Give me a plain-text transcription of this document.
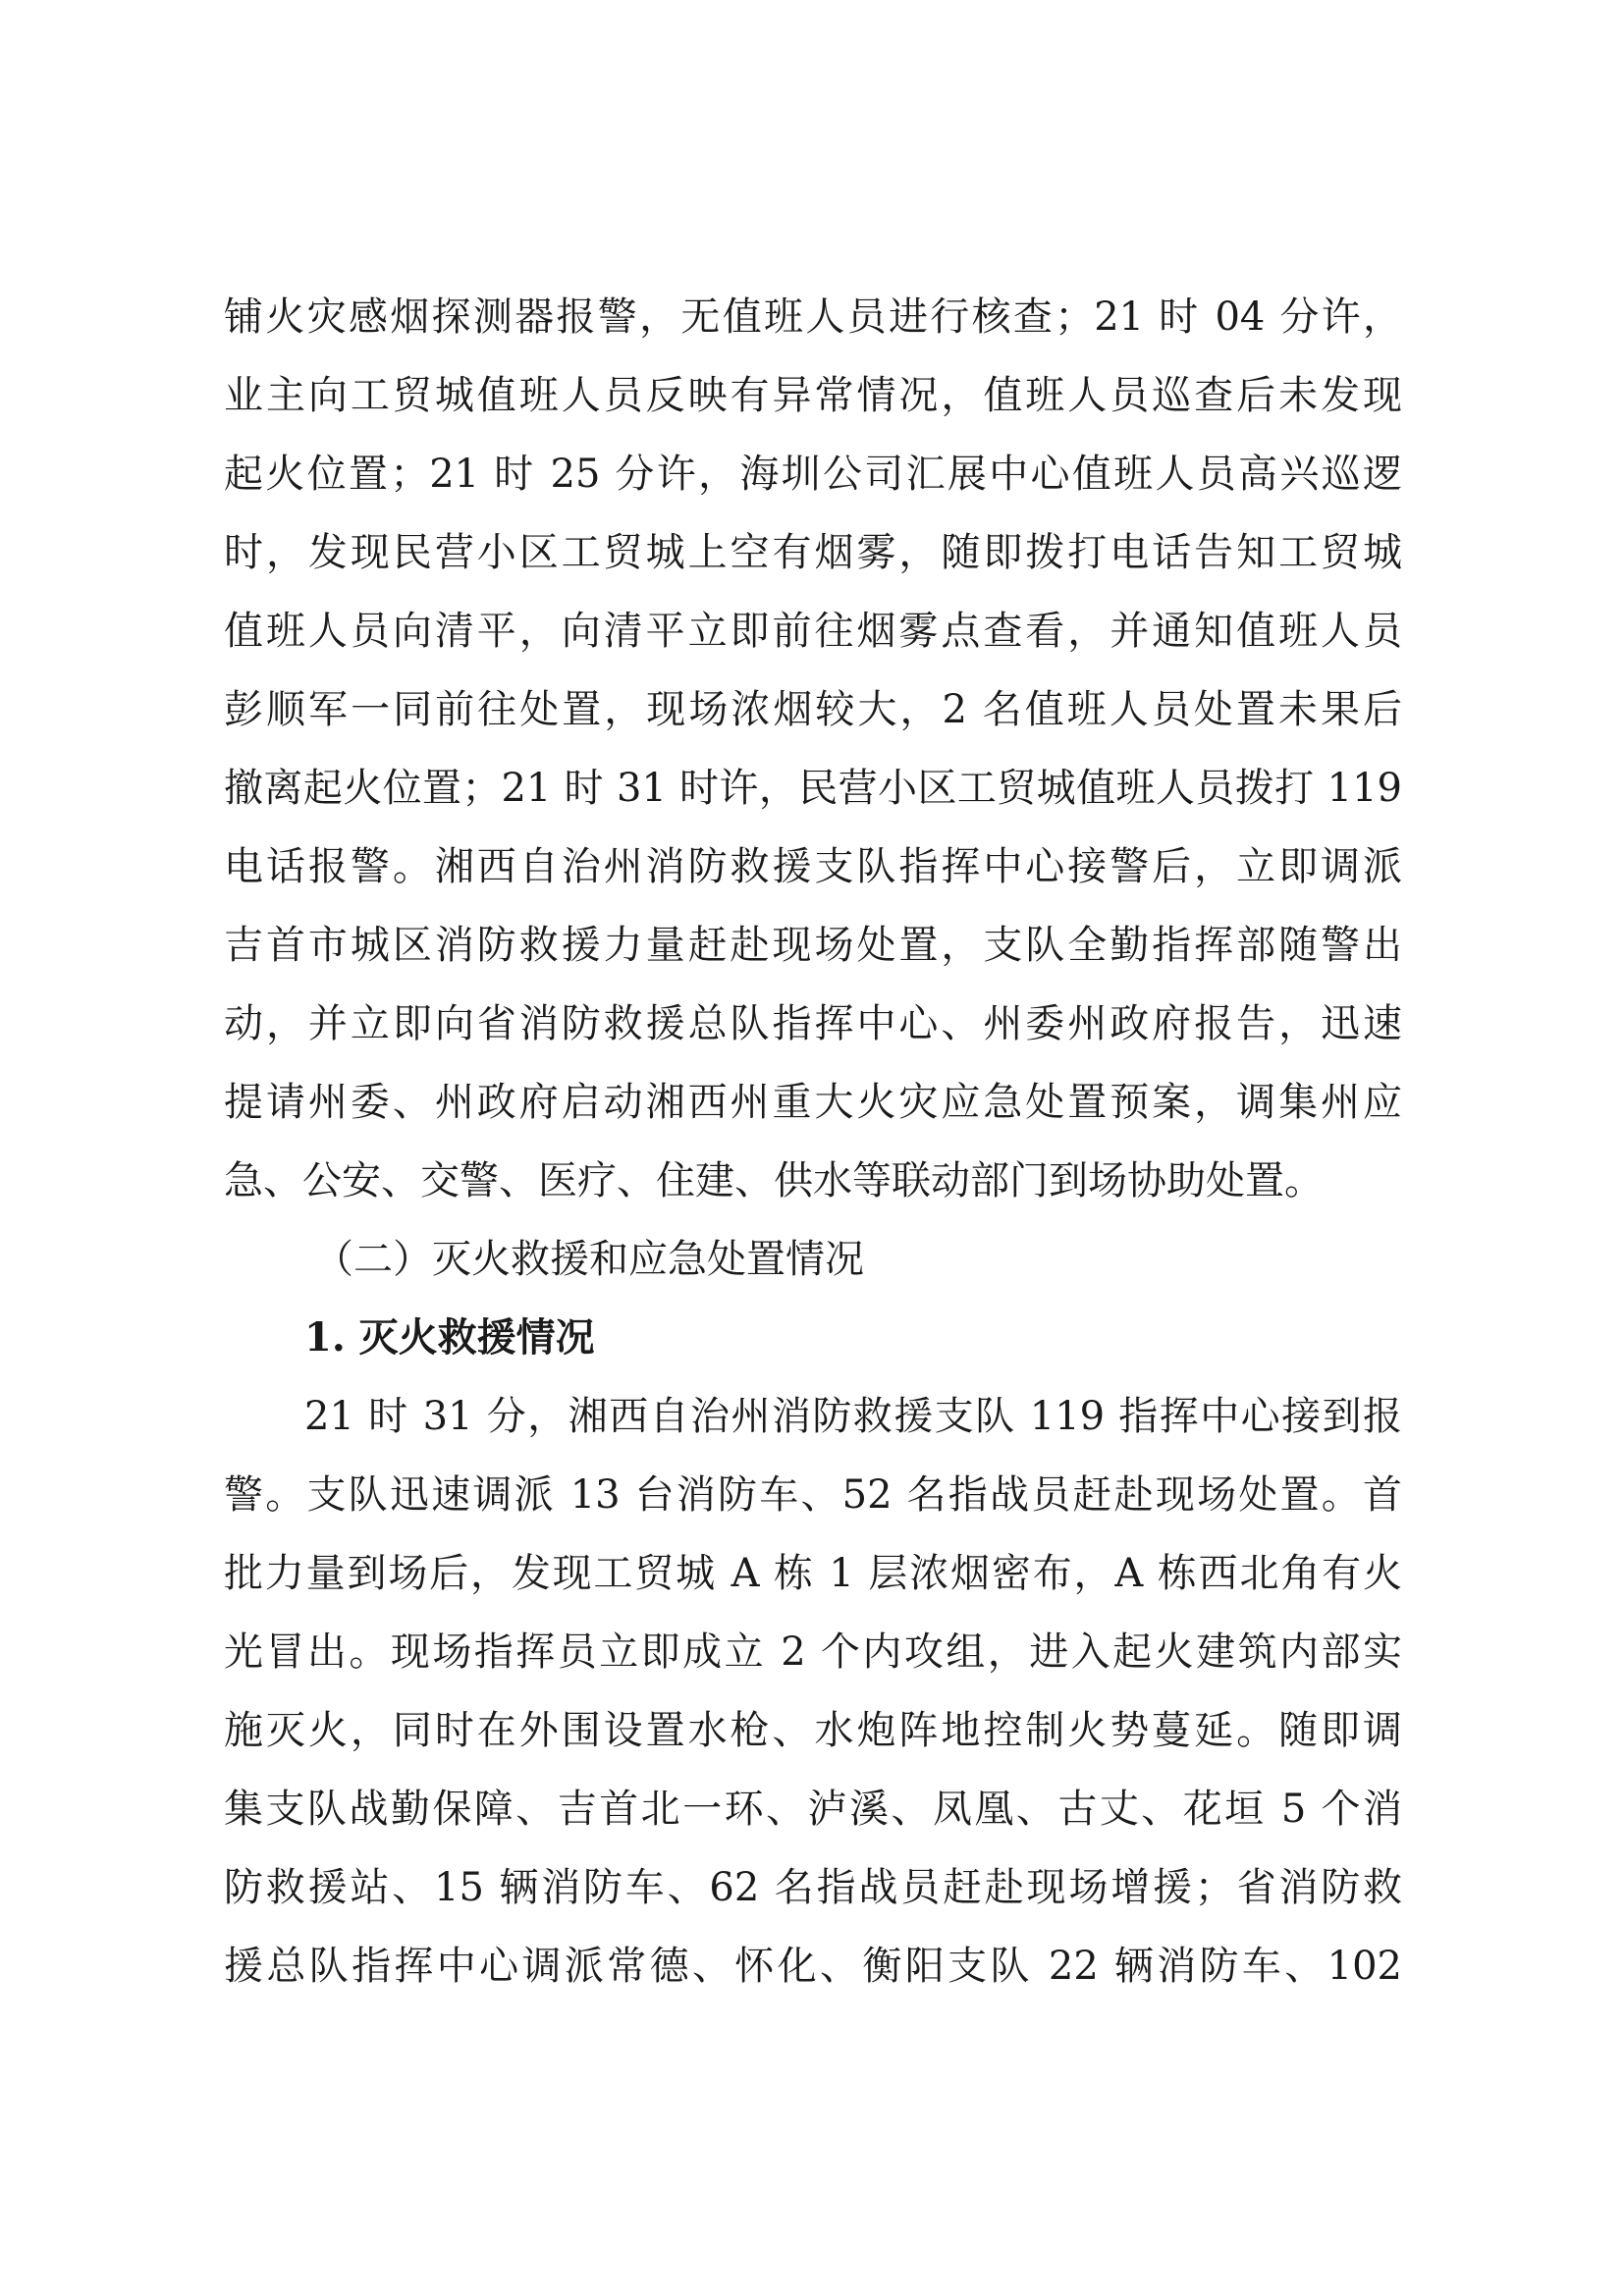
铺火灾感烟探测器报警，无值班人员进行核查；21 时 04 分许，
业主向工贸城值班人员反映有异常情况，值班人员巡查后未发现
起火位置；21 时 25 分许，海圳公司汇展中心值班人员高兴巡逻
时，发现民营小区工贸城上空有烟雾，随即拨打电话告知工贸城
值班人员向清平，向清平立即前往烟雾点查看，并通知值班人员
彭顺军一同前往处置，现场浓烟较大，2 名值班人员处置未果后
撤离起火位置；21 时 31 时许，民营小区工贸城值班人员拨打 119
电话报警。湘西自治州消防救援支队指挥中心接警后，立即调派
吉首市城区消防救援力量赶赴现场处置，支队全勤指挥部随警出
动，并立即向省消防救援总队指挥中心、州委州政府报告，迅速
提请州委、州政府启动湘西州重大火灾应急处置预案，调集州应
急、公安、交警、医疗、住建、供水等联动部门到场协助处置。
（二）灭火救援和应急处置情况
1. 灭火救援情况
21 时 31 分，湘西自治州消防救援支队 119 指挥中心接到报
警。支队迅速调派 13 台消防车、52 名指战员赶赴现场处置。首
批力量到场后，发现工贸城 A 栋 1 层浓烟密布，A 栋西北角有火
光冒出。现场指挥员立即成立 2 个内攻组，进入起火建筑内部实
施灭火，同时在外围设置水枪、水炮阵地控制火势蔓延。随即调
集支队战勤保障、吉首北一环、泸溪、凤凰、古丈、花垣 5 个消
防救援站、15 辆消防车、62 名指战员赶赴现场增援；省消防救
援总队指挥中心调派常德、怀化、衡阳支队 22 辆消防车、102
